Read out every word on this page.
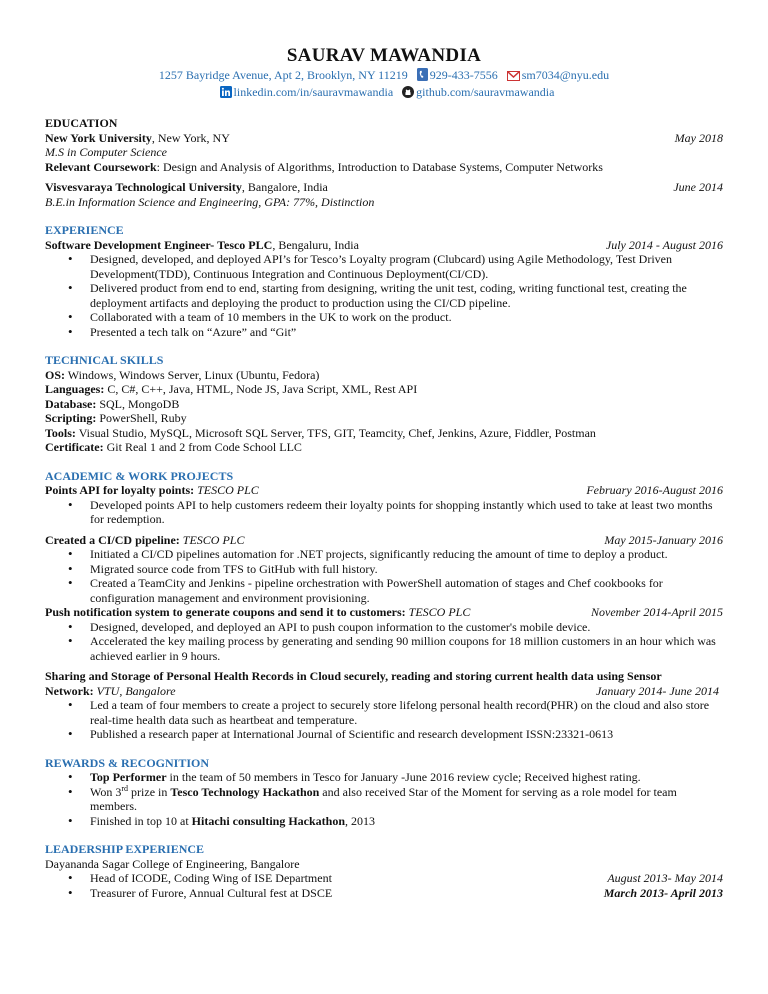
SAURAV MAWANDIA
1257 Bayridge Avenue, Apt 2, Brooklyn, NY 11219 929-433-7556 sm7034@nyu.edu
linkedin.com/in/sauravmawandia github.com/sauravmawandia
EDUCATION
New York University, New York, NY	May 2018
M.S in Computer Science
Relevant Coursework: Design and Analysis of Algorithms, Introduction to Database Systems, Computer Networks
Visvesvaraya Technological University, Bangalore, India	June 2014
B.E.in Information Science and Engineering, GPA: 77%, Distinction
EXPERIENCE
Software Development Engineer- Tesco PLC, Bengaluru, India	July 2014 - August 2016
• Designed, developed, and deployed API’s for Tesco’s Loyalty program (Clubcard) using Agile Methodology, Test Driven Development(TDD), Continuous Integration and Continuous Deployment(CI/CD).
• Delivered product from end to end, starting from designing, writing the unit test, coding, writing functional test, creating the deployment artifacts and deploying the product to production using the CI/CD pipeline.
• Collaborated with a team of 10 members in the UK to work on the product.
• Presented a tech talk on “Azure” and “Git”
TECHNICAL SKILLS
OS: Windows, Windows Server, Linux (Ubuntu, Fedora)
Languages: C, C#, C++, Java, HTML, Node JS, Java Script, XML, Rest API
Database: SQL, MongoDB
Scripting: PowerShell, Ruby
Tools: Visual Studio, MySQL, Microsoft SQL Server, TFS, GIT, Teamcity, Chef, Jenkins, Azure, Fiddler, Postman
Certificate: Git Real 1 and 2 from Code School LLC
ACADEMIC & WORK PROJECTS
Points API for loyalty points: TESCO PLC	February 2016-August 2016
• Developed points API to help customers redeem their loyalty points for shopping instantly which used to take at least two months for redemption.
Created a CI/CD pipeline: TESCO PLC	May 2015-January 2016
• Initiated a CI/CD pipelines automation for .NET projects, significantly reducing the amount of time to deploy a product.
• Migrated source code from TFS to GitHub with full history.
• Created a TeamCity and Jenkins - pipeline orchestration with PowerShell automation of stages and Chef cookbooks for configuration management and environment provisioning.
Push notification system to generate coupons and send it to customers: TESCO PLC	November 2014-April 2015
• Designed, developed, and deployed an API to push coupon information to the customer's mobile device.
• Accelerated the key mailing process by generating and sending 90 million coupons for 18 million customers in an hour which was achieved earlier in 9 hours.
Sharing and Storage of Personal Health Records in Cloud securely, reading and storing current health data using Sensor
Network: VTU, Bangalore	January 2014- June 2014
• Led a team of four members to create a project to securely store lifelong personal health record(PHR) on the cloud and also store real-time health data such as heartbeat and temperature.
• Published a research paper at International Journal of Scientific and research development ISSN:23321-0613
REWARDS & RECOGNITION
• Top Performer in the team of 50 members in Tesco for January -June 2016 review cycle; Received highest rating.
• Won 3rd prize in Tesco Technology Hackathon and also received Star of the Moment for serving as a role model for team members.
• Finished in top 10 at Hitachi consulting Hackathon, 2013
LEADERSHIP EXPERIENCE
Dayananda Sagar College of Engineering, Bangalore
• Head of ICODE, Coding Wing of ISE Department	August 2013- May 2014
• Treasurer of Furore, Annual Cultural fest at DSCE	March 2013- April 2013
